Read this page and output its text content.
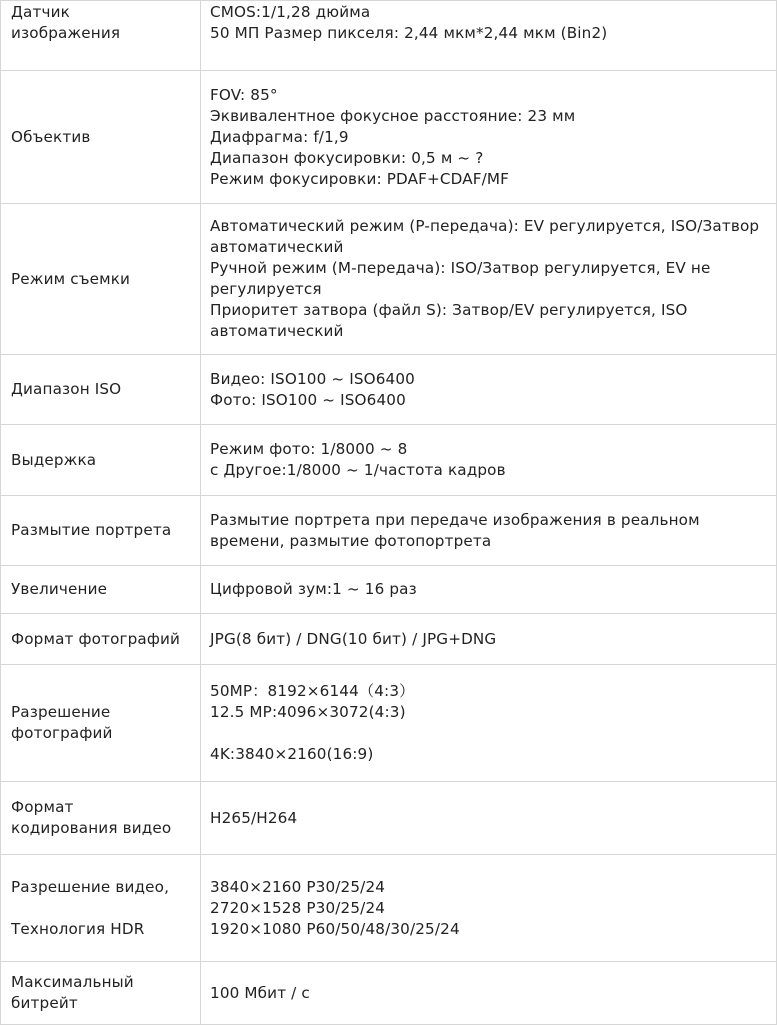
Датчик
изображения	CMOS:1/1,28 дюйма
50 МП Размер пикселя: 2,44 мкм*2,44 мкм (Bin2)

Объектив	FOV: 85°
Эквивалентное фокусное расстояние: 23 мм
Диафрагма: f/1,9
Диапазон фокусировки: 0,5 м ~ ?
Режим фокусировки: PDAF+CDAF/MF

Режим съемки	Автоматический режим (P-передача): EV регулируется, ISO/Затвор автоматический
Ручной режим (M-передача): ISO/Затвор регулируется, EV не регулируется
Приоритет затвора (файл S): Затвор/EV регулируется, ISO автоматический

Диапазон ISO	Видео: ISO100 ~ ISO6400
Фото: ISO100 ~ ISO6400

Выдержка	Режим фото: 1/8000 ~ 8
с Другое:1/8000 ~ 1/частота кадров

Размытие портрета	Размытие портрета при передаче изображения в реальном времени, размытие фотопортрета

Увеличение	Цифровой зум:1 ~ 16 раз

Формат фотографий	JPG(8 бит) / DNG(10 бит) / JPG+DNG

Разрешение
фотографий	50MP：8192×6144（4:3）
12.5 MP:4096×3072(4:3)
4K:3840×2160(16:9)

Формат
кодирования видео	H265/H264

Разрешение видео,
Технология HDR	3840×2160 P30/25/24
2720×1528 P30/25/24
1920×1080 P60/50/48/30/25/24

Максимальный
битрейт	100 Мбит / с
